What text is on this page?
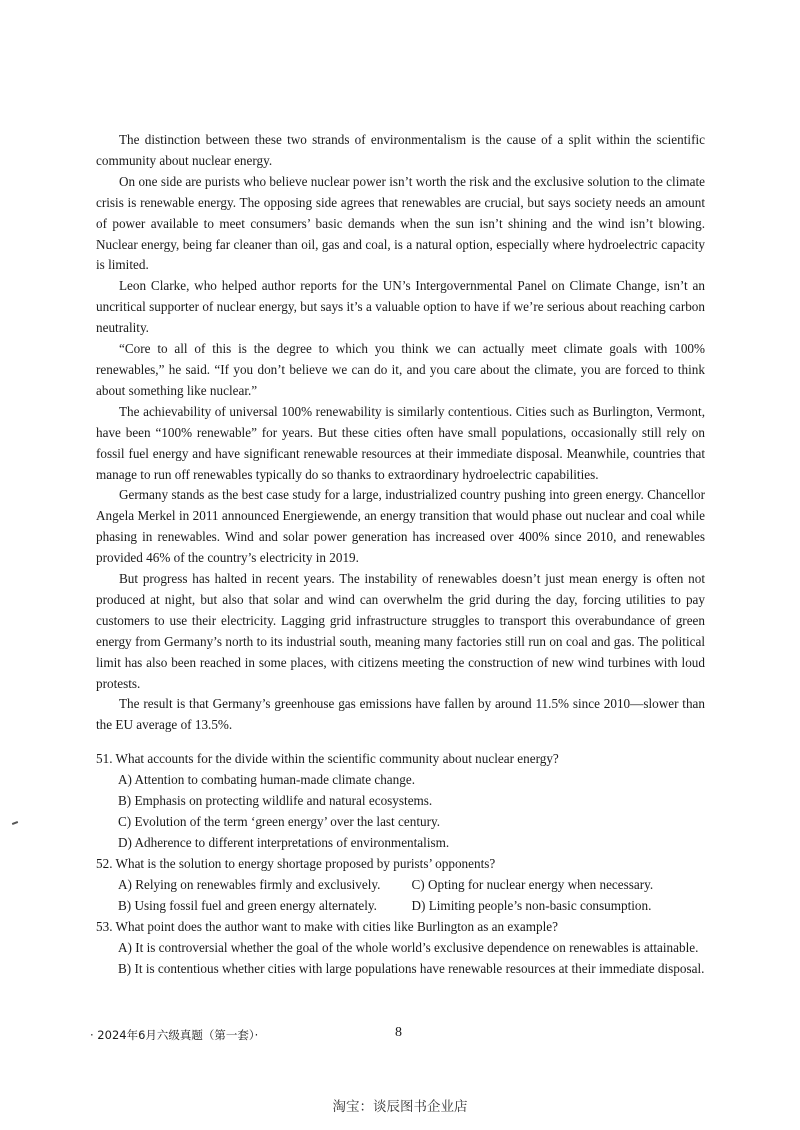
The distinction between these two strands of environmentalism is the cause of a split within the scientific community about nuclear energy.

On one side are purists who believe nuclear power isn’t worth the risk and the exclusive solution to the climate crisis is renewable energy. The opposing side agrees that renewables are crucial, but says society needs an amount of power available to meet consumers’ basic demands when the sun isn’t shining and the wind isn’t blowing. Nuclear energy, being far cleaner than oil, gas and coal, is a natural option, especially where hydroelectric capacity is limited.

Leon Clarke, who helped author reports for the UN’s Intergovernmental Panel on Climate Change, isn’t an uncritical supporter of nuclear energy, but says it’s a valuable option to have if we’re serious about reaching carbon neutrality.

“Core to all of this is the degree to which you think we can actually meet climate goals with 100% renewables,” he said. “If you don’t believe we can do it, and you care about the climate, you are forced to think about something like nuclear.”

The achievability of universal 100% renewability is similarly contentious. Cities such as Burlington, Vermont, have been “100% renewable” for years. But these cities often have small populations, occasionally still rely on fossil fuel energy and have significant renewable resources at their immediate disposal. Meanwhile, countries that manage to run off renewables typically do so thanks to extraordinary hydroelectric capabilities.

Germany stands as the best case study for a large, industrialized country pushing into green energy. Chancellor Angela Merkel in 2011 announced Energiewende, an energy transition that would phase out nuclear and coal while phasing in renewables. Wind and solar power generation has increased over 400% since 2010, and renewables provided 46% of the country’s electricity in 2019.

But progress has halted in recent years. The instability of renewables doesn’t just mean energy is often not produced at night, but also that solar and wind can overwhelm the grid during the day, forcing utilities to pay customers to use their electricity. Lagging grid infrastructure struggles to transport this overabundance of green energy from Germany’s north to its industrial south, meaning many factories still run on coal and gas. The political limit has also been reached in some places, with citizens meeting the construction of new wind turbines with loud protests.

The result is that Germany’s greenhouse gas emissions have fallen by around 11.5% since 2010—slower than the EU average of 13.5%.

51. What accounts for the divide within the scientific community about nuclear energy?

A) Attention to combating human-made climate change.

B) Emphasis on protecting wildlife and natural ecosystems.

C) Evolution of the term ‘green energy’ over the last century.

D) Adherence to different interpretations of environmentalism.

52. What is the solution to energy shortage proposed by purists’ opponents?

A) Relying on renewables firmly and exclusively.	C) Opting for nuclear energy when necessary.
B) Using fossil fuel and green energy alternately.	D) Limiting people’s non-basic consumption.

53. What point does the author want to make with cities like Burlington as an example?

A) It is controversial whether the goal of the whole world’s exclusive dependence on renewables is attainable.

B) It is contentious whether cities with large populations have renewable resources at their immediate disposal.

· 2024年6月六级真题（第一套）·	8
淘宝：谈辰图书企业店
